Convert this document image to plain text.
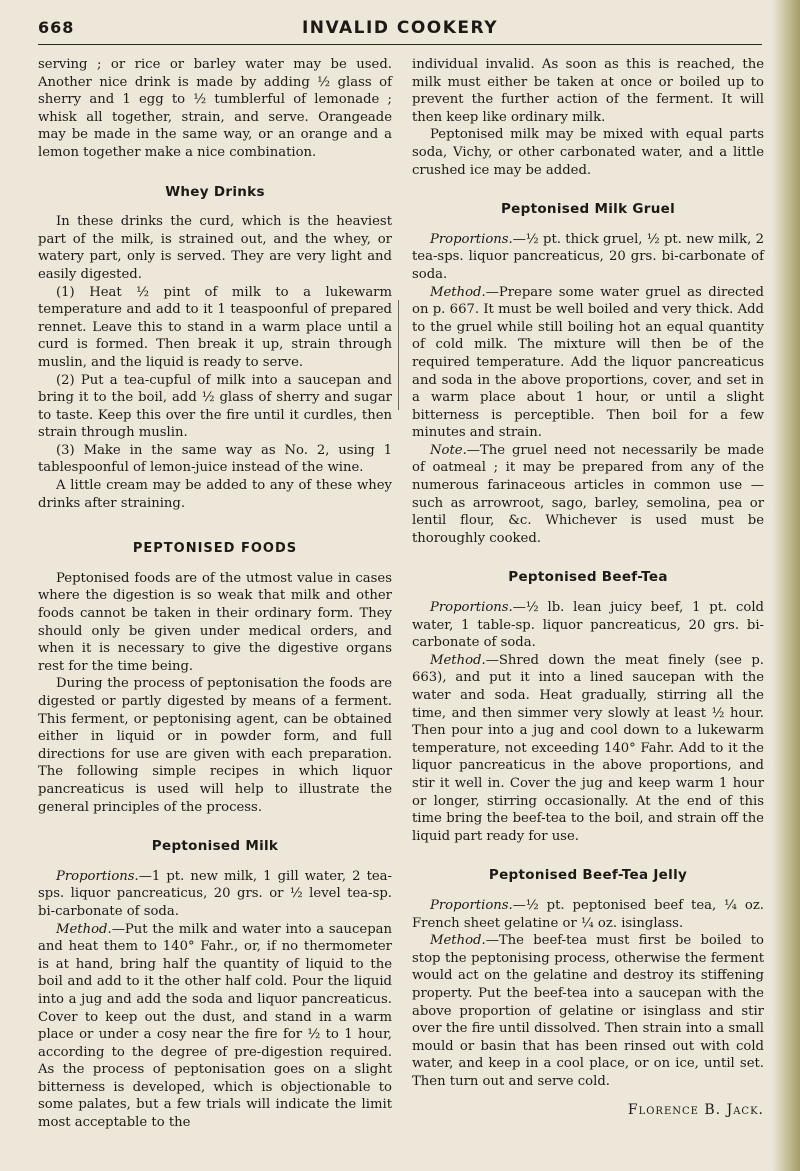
668	INVALID COOKERY

serving ; or rice or barley water may be used. Another nice drink is made by adding ½ glass of sherry and 1 egg to ½ tumblerful of lemonade ; whisk all together, strain, and serve. Orangeade may be made in the same way, or an orange and a lemon together make a nice combination.

Whey Drinks

In these drinks the curd, which is the heaviest part of the milk, is strained out, and the whey, or watery part, only is served. They are very light and easily digested.

(1) Heat ½ pint of milk to a lukewarm temperature and add to it 1 teaspoonful of prepared rennet. Leave this to stand in a warm place until a curd is formed. Then break it up, strain through muslin, and the liquid is ready to serve.

(2) Put a tea-cupful of milk into a saucepan and bring it to the boil, add ½ glass of sherry and sugar to taste. Keep this over the fire until it curdles, then strain through muslin.

(3) Make in the same way as No. 2, using 1 tablespoonful of lemon-juice instead of the wine.

A little cream may be added to any of these whey drinks after straining.

PEPTONISED FOODS

Peptonised foods are of the utmost value in cases where the digestion is so weak that milk and other foods cannot be taken in their ordinary form. They should only be given under medical orders, and when it is necessary to give the digestive organs rest for the time being.

During the process of peptonisation the foods are digested or partly digested by means of a ferment. This ferment, or peptonising agent, can be obtained either in liquid or in powder form, and full directions for use are given with each preparation. The following simple recipes in which liquor pancreaticus is used will help to illustrate the general principles of the process.

Peptonised Milk

Proportions.—1 pt. new milk, 1 gill water, 2 tea-sps. liquor pancreaticus, 20 grs. or ½ level tea-sp. bi-carbonate of soda.

Method.—Put the milk and water into a saucepan and heat them to 140° Fahr., or, if no thermometer is at hand, bring half the quantity of liquid to the boil and add to it the other half cold. Pour the liquid into a jug and add the soda and liquor pancreaticus. Cover to keep out the dust, and stand in a warm place or under a cosy near the fire for ½ to 1 hour, according to the degree of pre-digestion required. As the process of peptonisation goes on a slight bitterness is developed, which is objectionable to some palates, but a few trials will indicate the limit most acceptable to the

individual invalid. As soon as this is reached, the milk must either be taken at once or boiled up to prevent the further action of the ferment. It will then keep like ordinary milk.

Peptonised milk may be mixed with equal parts soda, Vichy, or other carbonated water, and a little crushed ice may be added.

Peptonised Milk Gruel

Proportions.—½ pt. thick gruel, ½ pt. new milk, 2 tea-sps. liquor pancreaticus, 20 grs. bi-carbonate of soda.

Method.—Prepare some water gruel as directed on p. 667. It must be well boiled and very thick. Add to the gruel while still boiling hot an equal quantity of cold milk. The mixture will then be of the required temperature. Add the liquor pancreaticus and soda in the above proportions, cover, and set in a warm place about 1 hour, or until a slight bitterness is perceptible. Then boil for a few minutes and strain.

Note.—The gruel need not necessarily be made of oatmeal ; it may be prepared from any of the numerous farinaceous articles in common use —such as arrowroot, sago, barley, semolina, pea or lentil flour, &c. Whichever is used must be thoroughly cooked.

Peptonised Beef-Tea

Proportions.—½ lb. lean juicy beef, 1 pt. cold water, 1 table-sp. liquor pancreaticus, 20 grs. bi-carbonate of soda.

Method.—Shred down the meat finely (see p. 663), and put it into a lined saucepan with the water and soda. Heat gradually, stirring all the time, and then simmer very slowly at least ½ hour. Then pour into a jug and cool down to a lukewarm temperature, not exceeding 140° Fahr. Add to it the liquor pancreaticus in the above proportions, and stir it well in. Cover the jug and keep warm 1 hour or longer, stirring occasionally. At the end of this time bring the beef-tea to the boil, and strain off the liquid part ready for use.

Peptonised Beef-Tea Jelly

Proportions.—½ pt. peptonised beef tea, ¼ oz. French sheet gelatine or ¼ oz. isinglass.

Method.—The beef-tea must first be boiled to stop the peptonising process, otherwise the ferment would act on the gelatine and destroy its stiffening property. Put the beef-tea into a saucepan with the above proportion of gelatine or isinglass and stir over the fire until dissolved. Then strain into a small mould or basin that has been rinsed out with cold water, and keep in a cool place, or on ice, until set. Then turn out and serve cold.

Florence B. Jack.
